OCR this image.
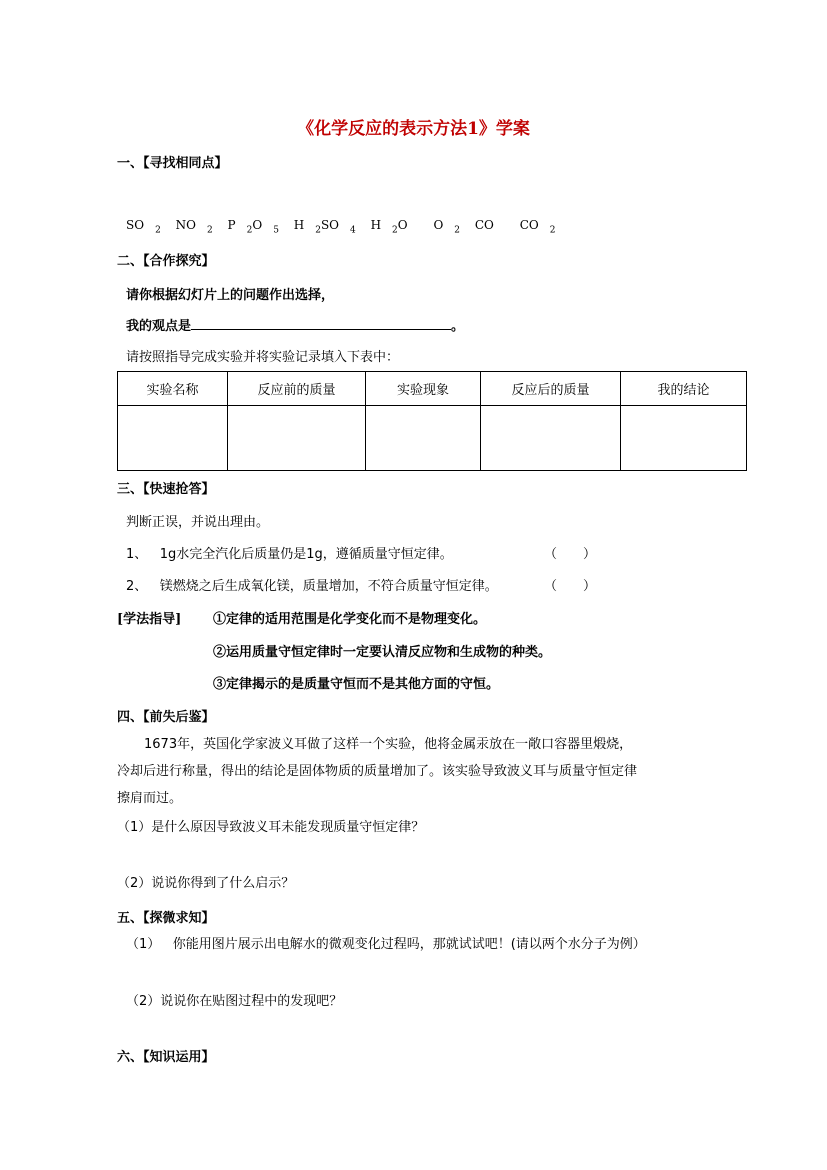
《化学反应的表示方法1》学案
一、【寻找相同点】
SO $_2$ NO $_2$ P $_2$O $_5$ H $_2$SO $_4$ H $_2$O O $_2$ CO CO $_2$
二、【合作探究】
请你根据幻灯片上的问题作出选择，
我的观点是	。
请按照指导完成实验并将实验记录填入下表中：
实验名称	反应前的质量	实验现象	反应后的质量	我的结论

三、【快速抢答】
判断正误，并说出理由。
1、 1g水完全汽化后质量仍是1g，遵循质量守恒定律。	（　　）
2、 镁燃烧之后生成氧化镁，质量增加，不符合质量守恒定律。	（　　）
[学法指导] ①定律的适用范围是化学变化而不是物理变化。
②运用质量守恒定律时一定要认清反应物和生成物的种类。
③定律揭示的是质量守恒而不是其他方面的守恒。
四、【前失后鉴】
1673年，英国化学家波义耳做了这样一个实验，他将金属汞放在一敞口容器里煅烧，
冷却后进行称量，得出的结论是固体物质的质量增加了。该实验导致波义耳与质量守恒定律
擦肩而过。
（1）是什么原因导致波义耳未能发现质量守恒定律？
（2）说说你得到了什么启示？
五、【探微求知】
（1） 你能用图片展示出电解水的微观变化过程吗，那就试试吧！(请以两个水分子为例）
（2）说说你在贴图过程中的发现吧？
六、【知识运用】
